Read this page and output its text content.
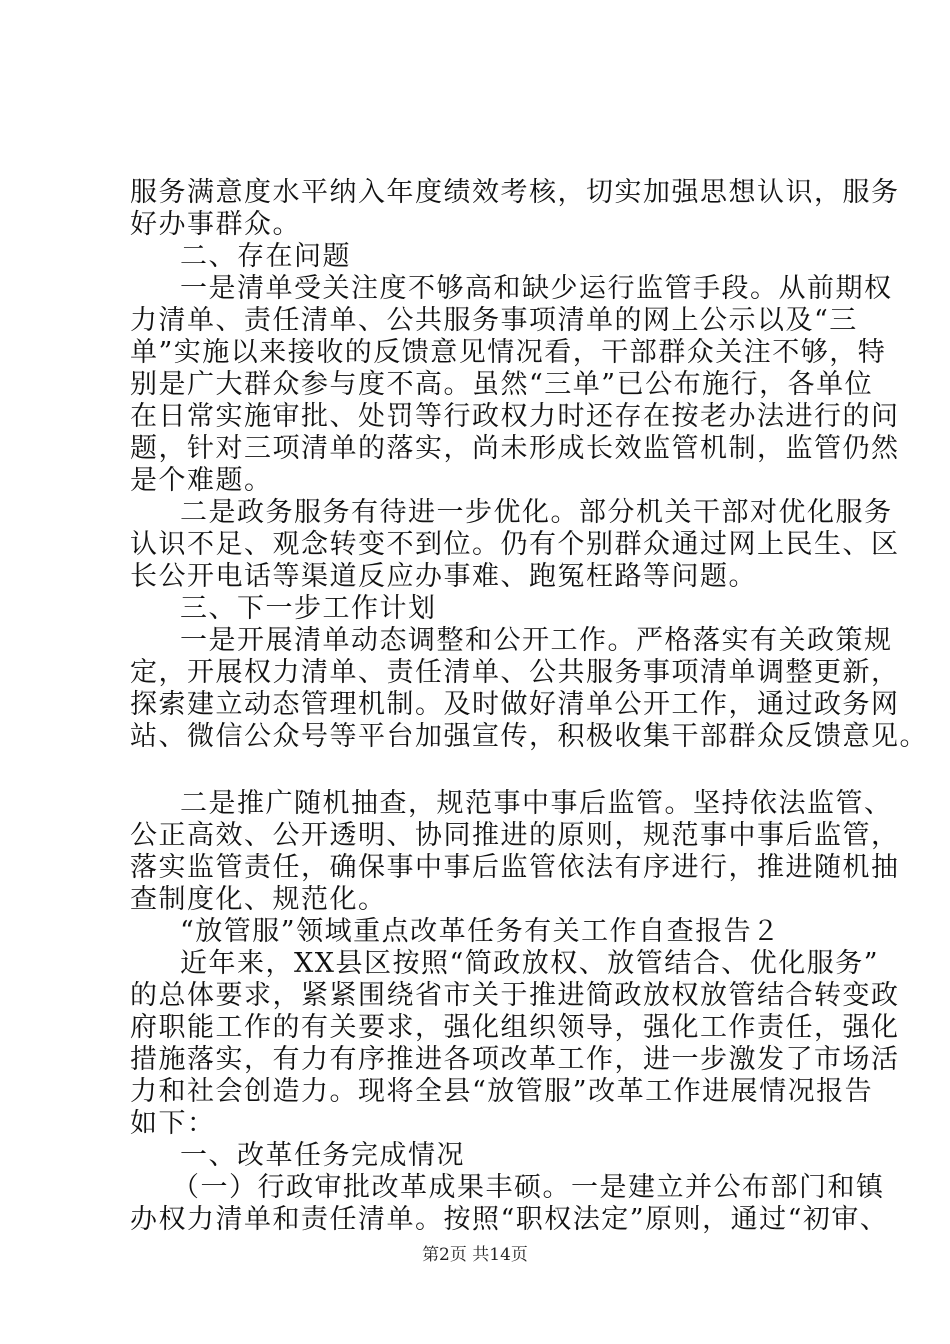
服务满意度水平纳入年度绩效考核，切实加强思想认识，服务
好办事群众。
二、存在问题
一是清单受关注度不够高和缺少运行监管手段。从前期权
力清单、责任清单、公共服务事项清单的网上公示以及“三
单”实施以来接收的反馈意见情况看，干部群众关注不够，特
别是广大群众参与度不高。虽然“三单”已公布施行，各单位
在日常实施审批、处罚等行政权力时还存在按老办法进行的问
题，针对三项清单的落实，尚未形成长效监管机制，监管仍然
是个难题。
二是政务服务有待进一步优化。部分机关干部对优化服务
认识不足、观念转变不到位。仍有个别群众通过网上民生、区
长公开电话等渠道反应办事难、跑冤枉路等问题。
三、下一步工作计划
一是开展清单动态调整和公开工作。严格落实有关政策规
定，开展权力清单、责任清单、公共服务事项清单调整更新，
探索建立动态管理机制。及时做好清单公开工作，通过政务网
站、微信公众号等平台加强宣传，积极收集干部群众反馈意见。
二是推广随机抽查，规范事中事后监管。坚持依法监管、
公正高效、公开透明、协同推进的原则，规范事中事后监管，
落实监管责任，确保事中事后监管依法有序进行，推进随机抽
查制度化、规范化。
“放管服”领域重点改革任务有关工作自查报告２
近年来，XX县区按照“简政放权、放管结合、优化服务”
的总体要求，紧紧围绕省市关于推进简政放权放管结合转变政
府职能工作的有关要求，强化组织领导，强化工作责任，强化
措施落实，有力有序推进各项改革工作，进一步激发了市场活
力和社会创造力。现将全县“放管服”改革工作进展情况报告
如下：
一、改革任务完成情况
（一）行政审批改革成果丰硕。一是建立并公布部门和镇
办权力清单和责任清单。按照“职权法定”原则，通过“初审、
第2页 共14页
